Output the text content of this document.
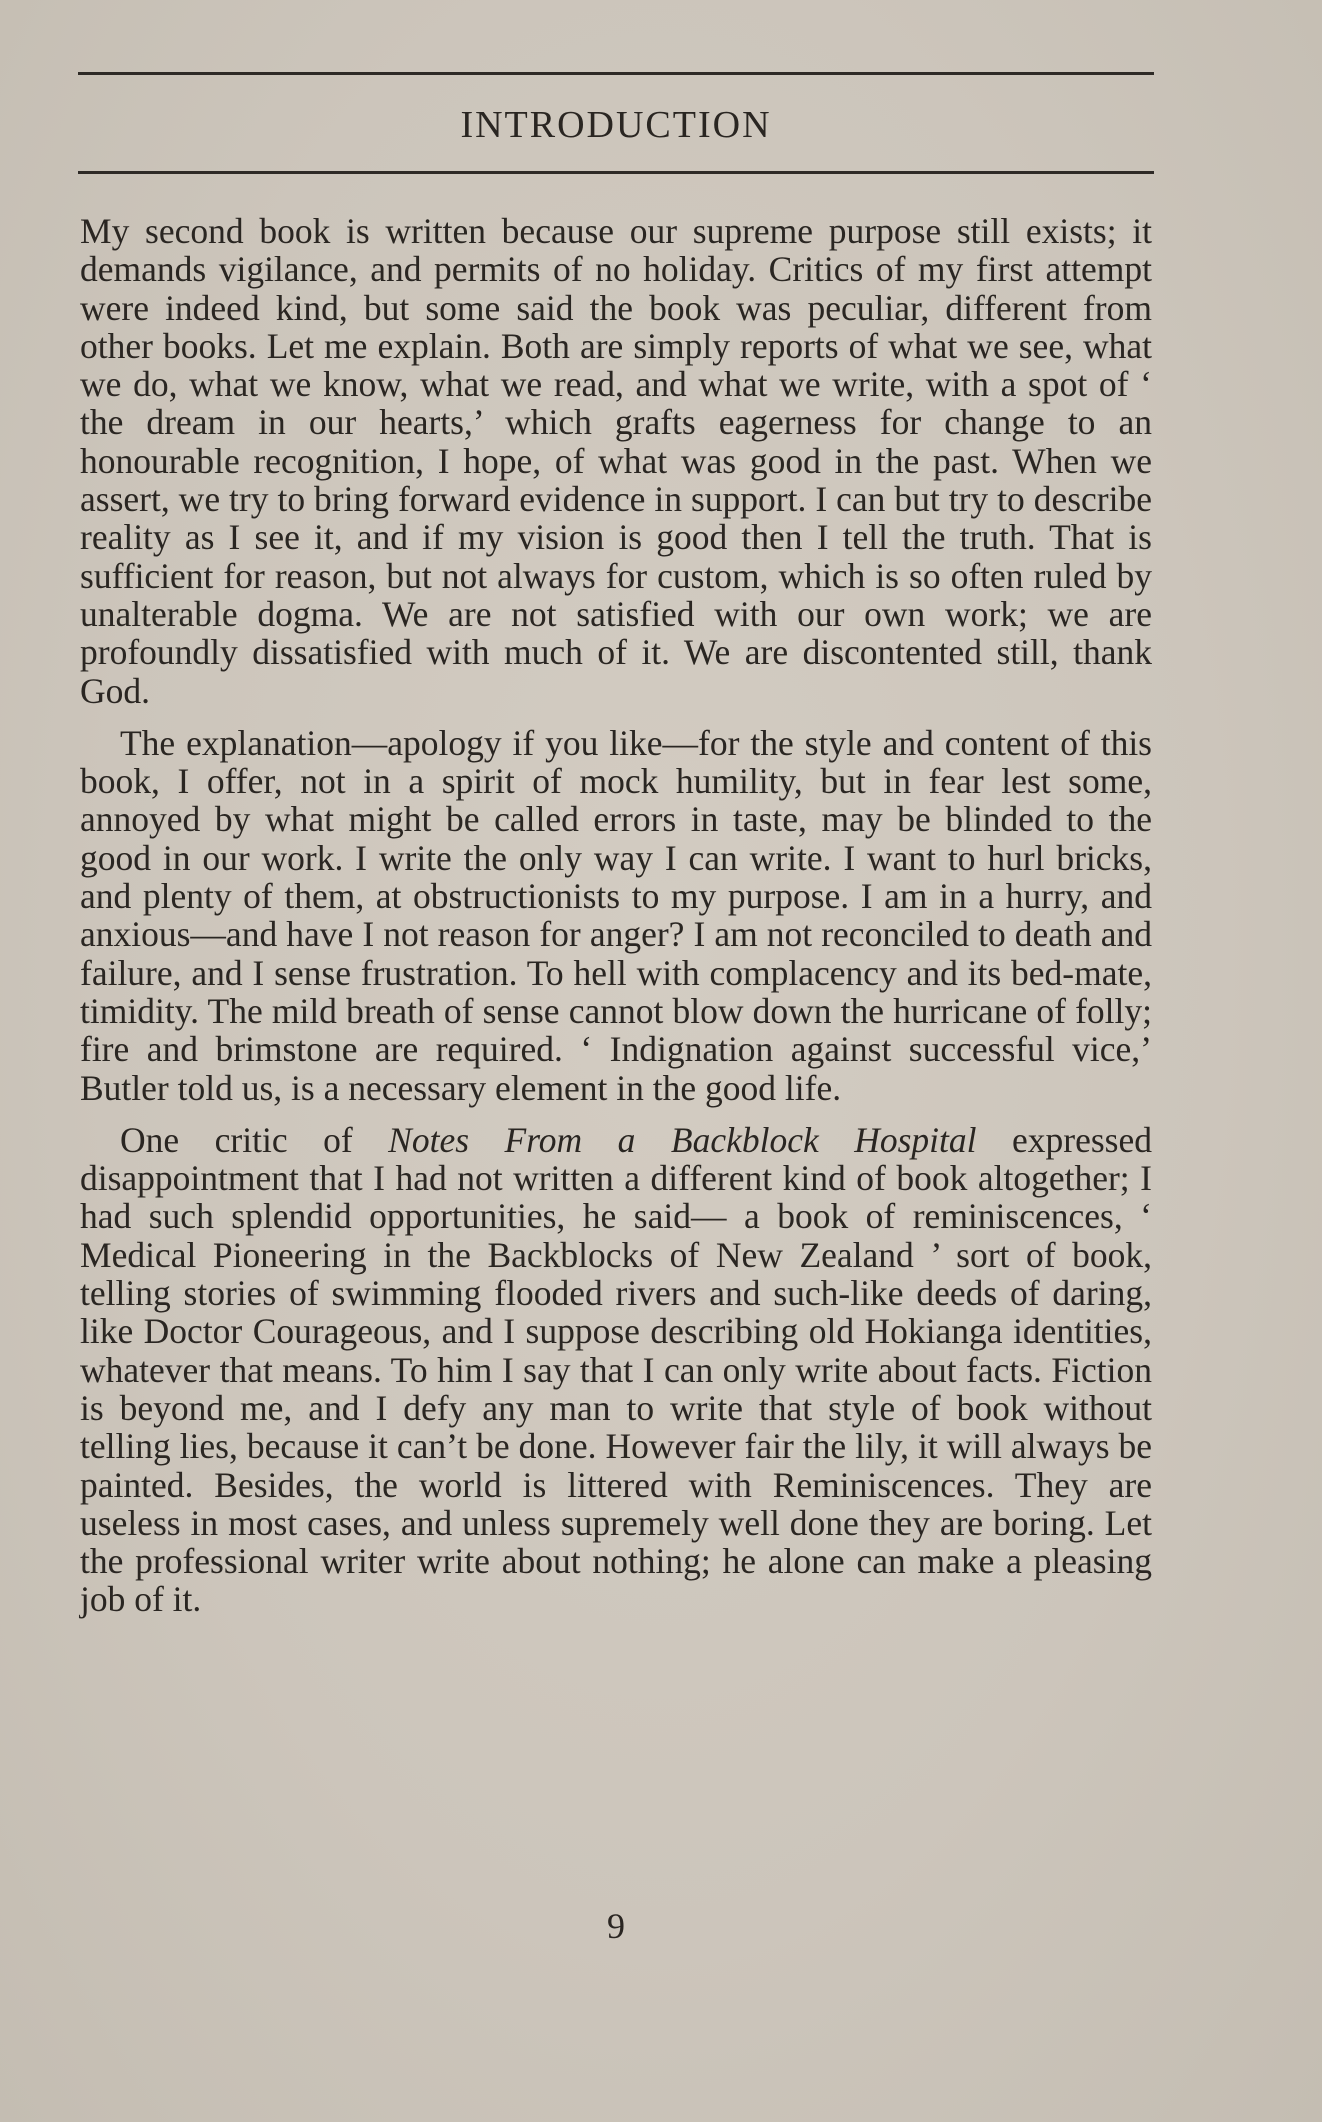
INTRODUCTION

My second book is written because our supreme purpose still exists; it demands vigilance, and permits of no holiday. Critics of my first attempt were indeed kind, but some said the book was peculiar, different from other books. Let me explain. Both are simply reports of what we see, what we do, what we know, what we read, and what we write, with a spot of ‘ the dream in our hearts,’ which grafts eagerness for change to an honourable recognition, I hope, of what was good in the past. When we assert, we try to bring forward evidence in support. I can but try to describe reality as I see it, and if my vision is good then I tell the truth. That is sufficient for reason, but not always for custom, which is so often ruled by unalterable dogma. We are not satisfied with our own work; we are profoundly dissatisfied with much of it. We are discontented still, thank God.

The explanation—apology if you like—for the style and content of this book, I offer, not in a spirit of mock humility, but in fear lest some, annoyed by what might be called errors in taste, may be blinded to the good in our work. I write the only way I can write. I want to hurl bricks, and plenty of them, at obstructionists to my purpose. I am in a hurry, and anxious—and have I not reason for anger? I am not reconciled to death and failure, and I sense frustration. To hell with complacency and its bed-mate, timidity. The mild breath of sense cannot blow down the hurricane of folly; fire and brimstone are required. ‘ Indignation against successful vice,’ Butler told us, is a necessary element in the good life.

One critic of Notes From a Backblock Hospital expressed disappointment that I had not written a different kind of book altogether; I had such splendid opportunities, he said— a book of reminiscences, ‘ Medical Pioneering in the Backblocks of New Zealand ’ sort of book, telling stories of swimming flooded rivers and such-like deeds of daring, like Doctor Courageous, and I suppose describing old Hokianga identities, whatever that means. To him I say that I can only write about facts. Fiction is beyond me, and I defy any man to write that style of book without telling lies, because it can’t be done. However fair the lily, it will always be painted. Besides, the world is littered with Reminiscences. They are useless in most cases, and unless supremely well done they are boring. Let the professional writer write about nothing; he alone can make a pleasing job of it.

9
